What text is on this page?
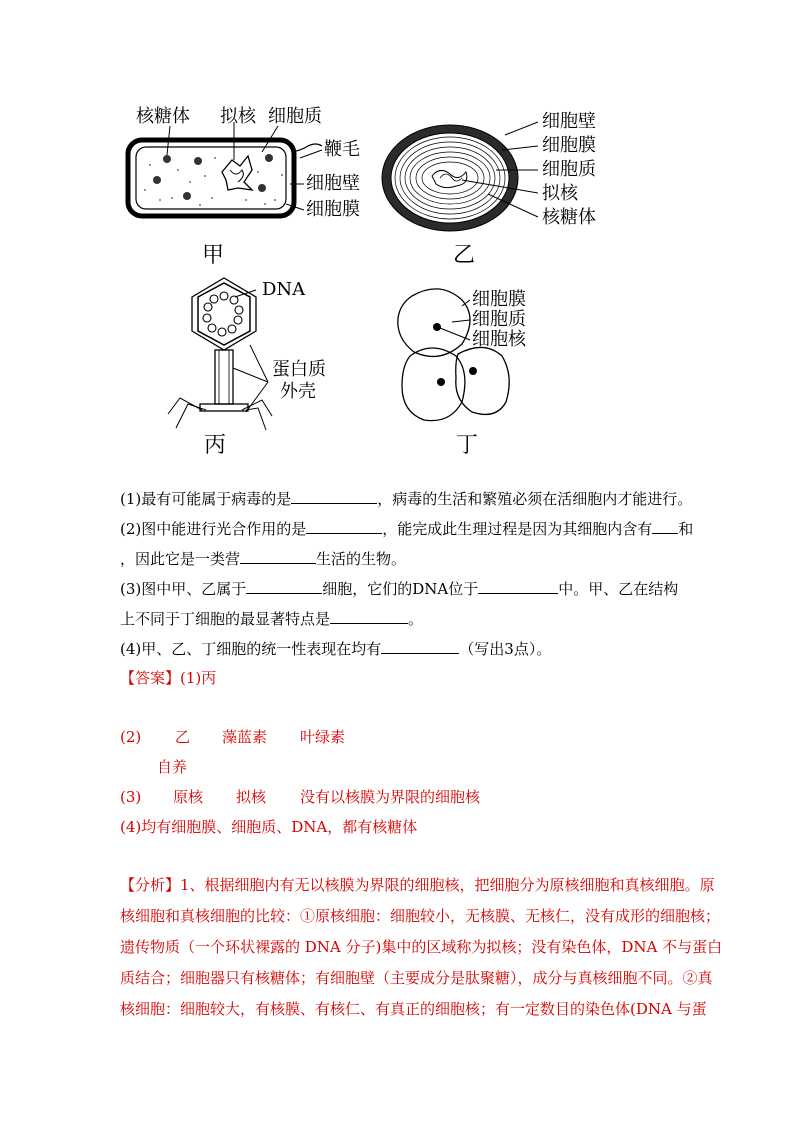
核糖体 拟核 细胞质
鞭毛
细胞壁
细胞膜
甲
细胞壁
细胞膜
细胞质
拟核
核糖体
乙
DNA
蛋白质
外壳
丙
细胞膜
细胞质
细胞核
丁
(1)最有可能属于病毒的是	，病毒的生活和繁殖必须在活细胞内才能进行。
(2)图中能进行光合作用的是	，能完成此生理过程是因为其细胞内含有 和
，因此它是一类营	生活的生物。
(3)图中甲、乙属于	细胞，它们的DNA位于	中。甲、乙在结构
上不同于丁细胞的最显著特点是	。
(4)甲、乙、丁细胞的统一性表现在均有	（写出3点）。
【答案】(1)丙
(2) 乙 藻蓝素 叶绿素
自养
(3) 原核 拟核 没有以核膜为界限的细胞核
(4)均有细胞膜、细胞质、DNA，都有核糖体
【分析】1、根据细胞内有无以核膜为界限的细胞核，把细胞分为原核细胞和真核细胞。原
核细胞和真核细胞的比较：①原核细胞：细胞较小，无核膜、无核仁，没有成形的细胞核；
遗传物质（一个环状裸露的 DNA 分子)集中的区域称为拟核；没有染色体，DNA 不与蛋白
质结合；细胞器只有核糖体；有细胞壁（主要成分是肽聚糖），成分与真核细胞不同。②真
核细胞：细胞较大，有核膜、有核仁、有真正的细胞核；有一定数目的染色体(DNA 与蛋
